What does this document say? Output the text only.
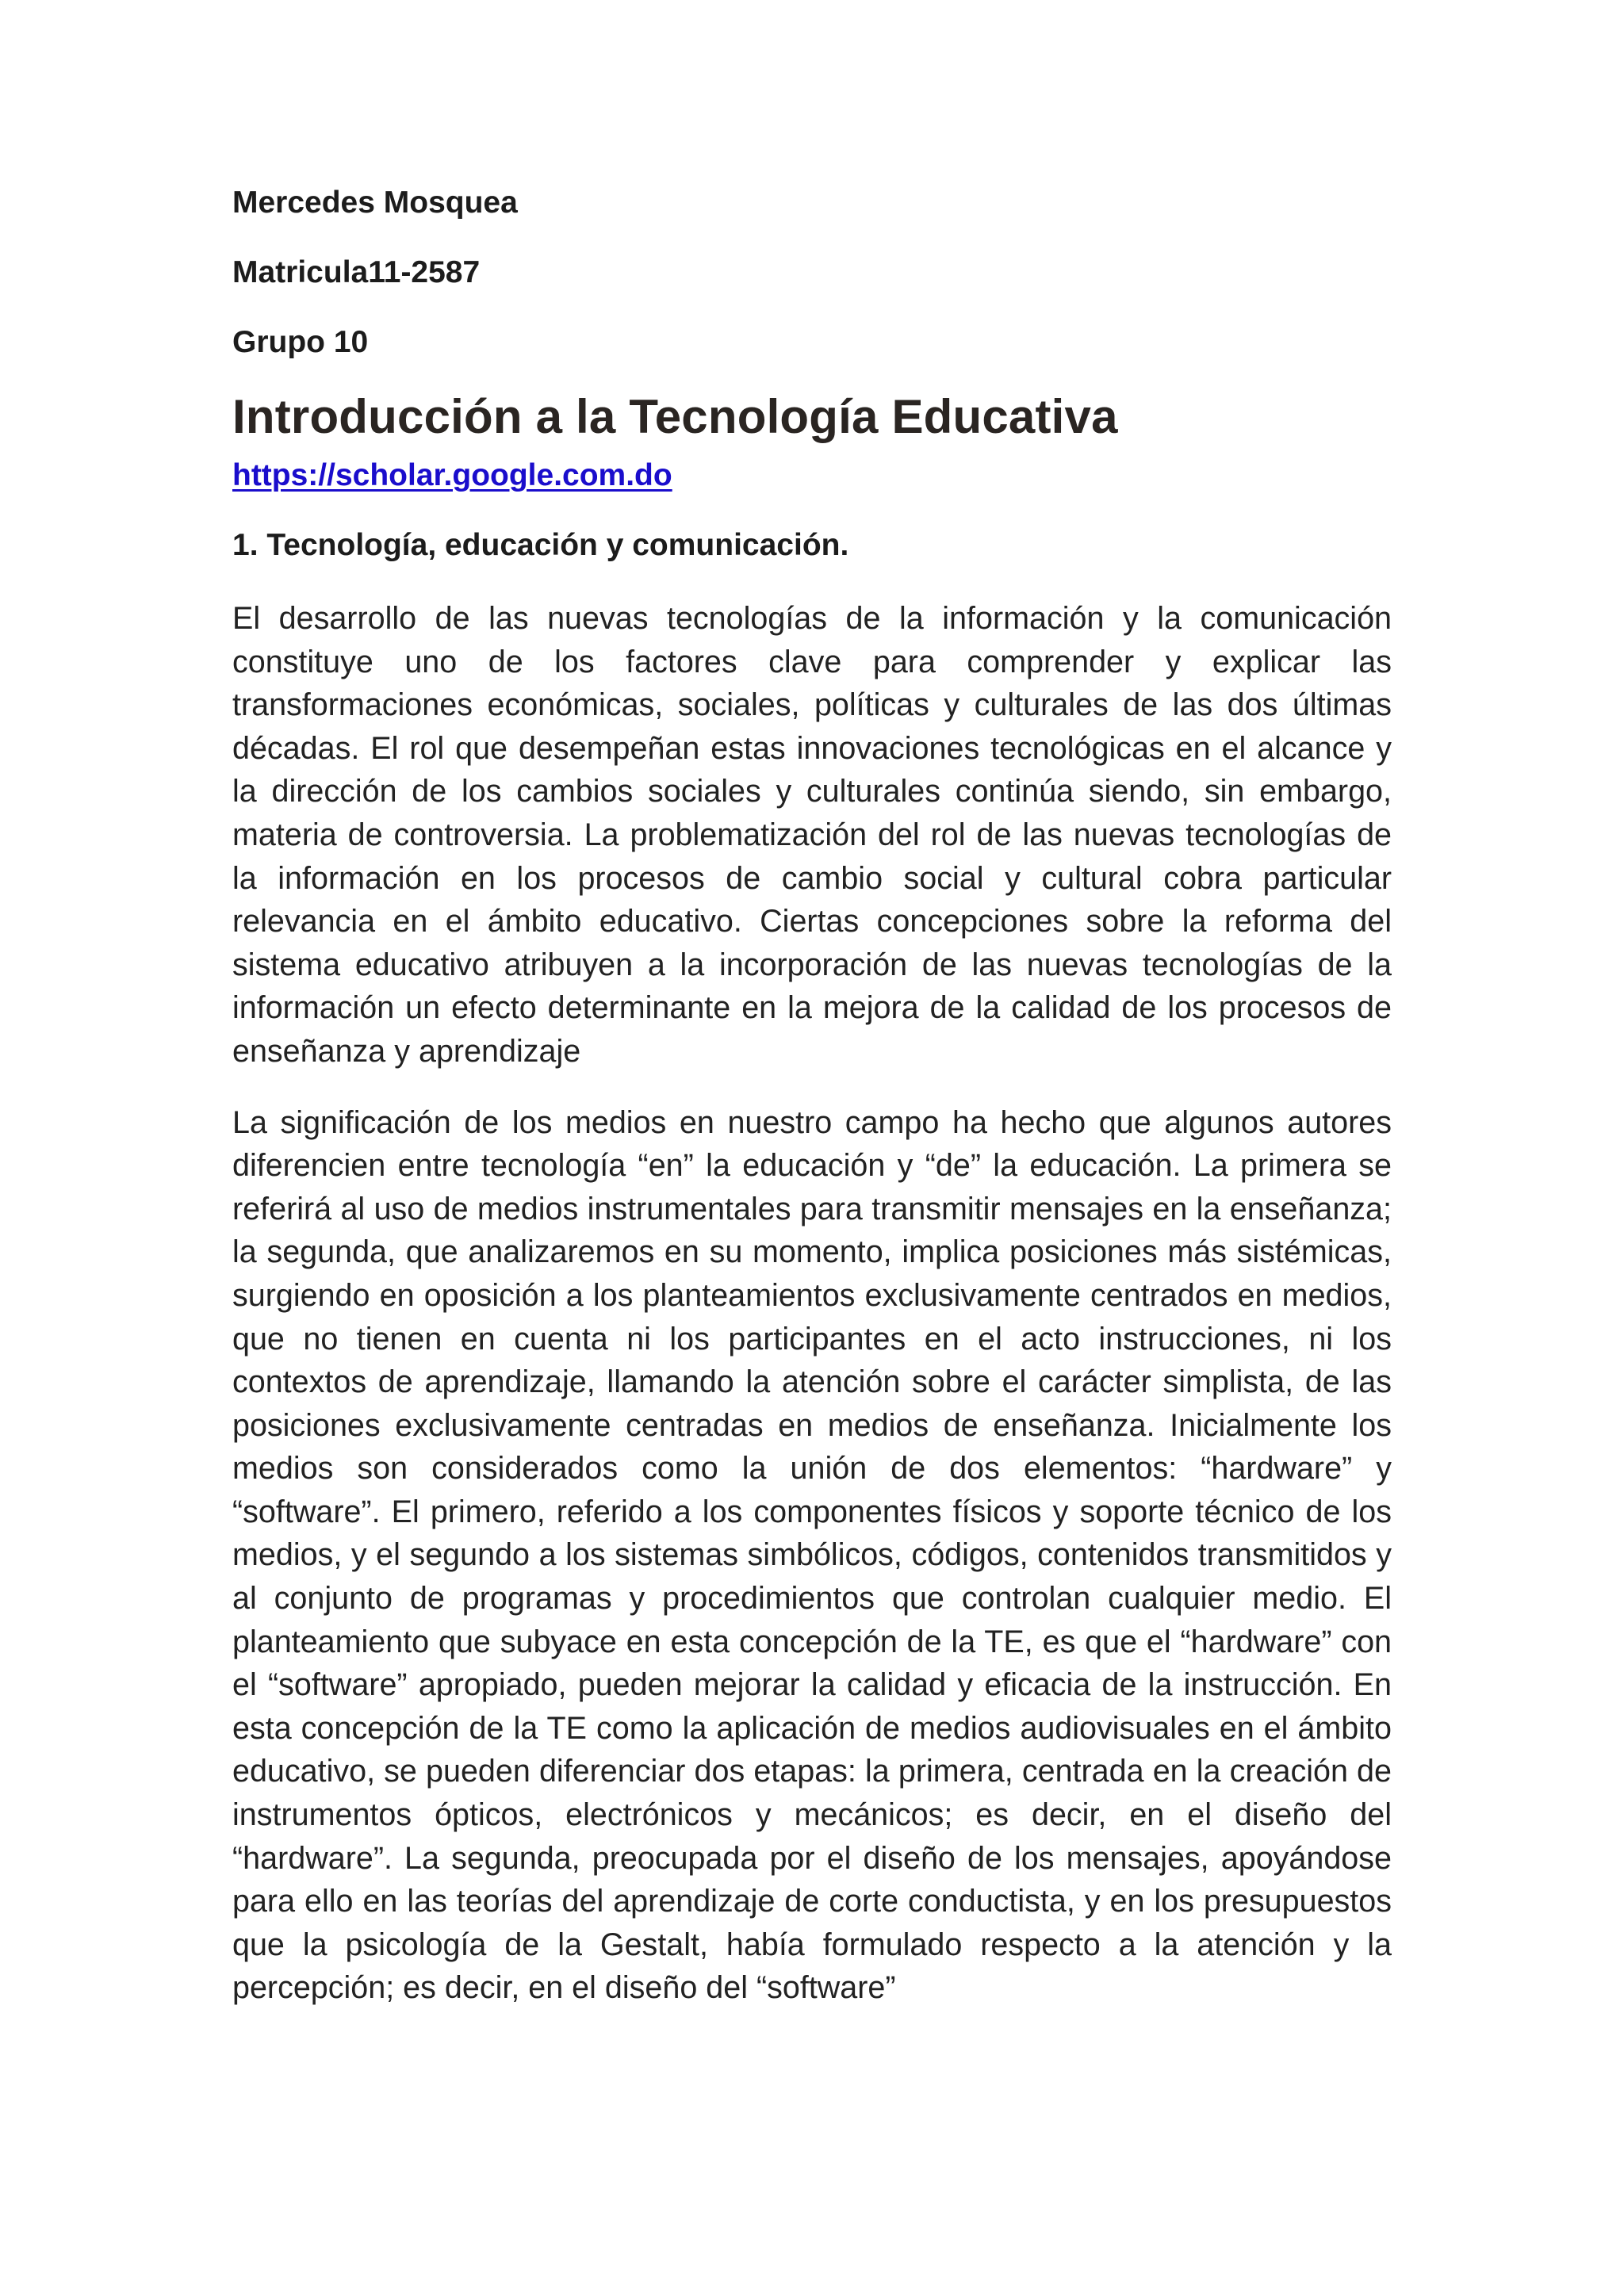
Mercedes Mosquea

Matricula11-2587

Grupo 10

Introducción a la Tecnología Educativa
https://scholar.google.com.do
1. Tecnología, educación y comunicación.

El desarrollo de las nuevas tecnologías de la información y la comunicación constituye uno de los factores clave para comprender y explicar las transformaciones económicas, sociales, políticas y culturales de las dos últimas décadas. El rol que desempeñan estas innovaciones tecnológicas en el alcance y la dirección de los cambios sociales y culturales continúa siendo, sin embargo, materia de controversia. La problematización del rol de las nuevas tecnologías de la información en los procesos de cambio social y cultural cobra particular relevancia en el ámbito educativo. Ciertas concepciones sobre la reforma del sistema educativo atribuyen a la incorporación de las nuevas tecnologías de la información un efecto determinante en la mejora de la calidad de los procesos de enseñanza y aprendizaje

La significación de los medios en nuestro campo ha hecho que algunos autores diferencien entre tecnología “en” la educación y “de” la educación. La primera se referirá al uso de medios instrumentales para transmitir mensajes en la enseñanza; la segunda, que analizaremos en su momento, implica posiciones más sistémicas, surgiendo en oposición a los planteamientos exclusivamente centrados en medios, que no tienen en cuenta ni los participantes en el acto instrucciones, ni los contextos de aprendizaje, llamando la atención sobre el carácter simplista, de las posiciones exclusivamente centradas en medios de enseñanza. Inicialmente los medios son considerados como la unión de dos elementos: “hardware” y “software”. El primero, referido a los componentes físicos y soporte técnico de los medios, y el segundo a los sistemas simbólicos, códigos, contenidos transmitidos y al conjunto de programas y procedimientos que controlan cualquier medio. El planteamiento que subyace en esta concepción de la TE, es que el “hardware” con el “software” apropiado, pueden mejorar la calidad y eficacia de la instrucción. En esta concepción de la TE como la aplicación de medios audiovisuales en el ámbito educativo, se pueden diferenciar dos etapas: la primera, centrada en la creación de instrumentos ópticos, electrónicos y mecánicos; es decir, en el diseño del “hardware”. La segunda, preocupada por el diseño de los mensajes, apoyándose para ello en las teorías del aprendizaje de corte conductista, y en los presupuestos que la psicología de la Gestalt, había formulado respecto a la atención y la percepción; es decir, en el diseño del “software”
